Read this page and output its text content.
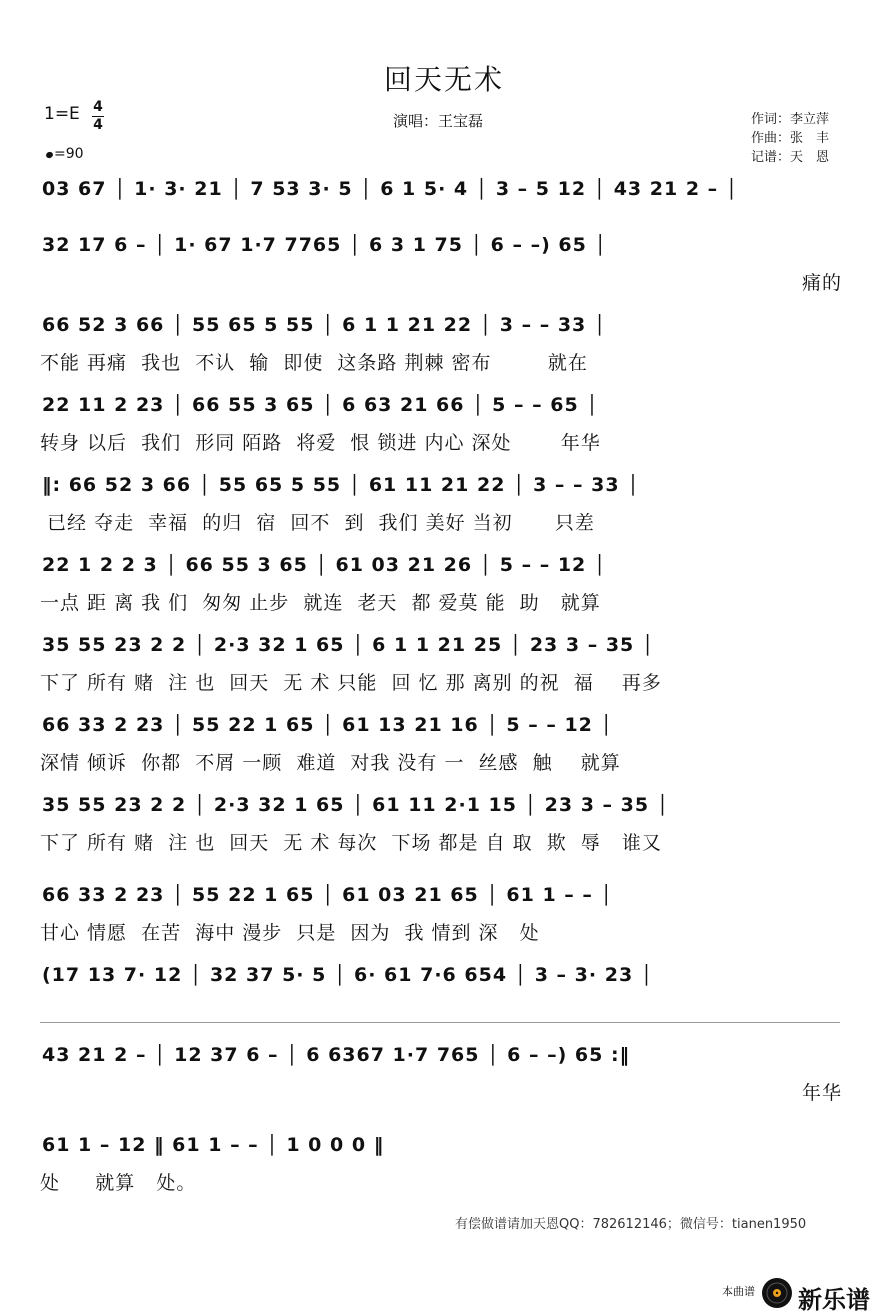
回天无术
1=E 4
4
=90
演唱：王宝磊	作词：李立萍
作曲：张　丰
记谱：天　恩
03 67 │ 1· 3· 21 │ 7 53 3· 5 │ 6 1 5· 4 │ 3 – 5 12 │ 43 21 2 – │
32 17 6 – │ 1· 67 1·7 7765 │ 6 3 1 75 │ 6 – –) 65 │
痛的
66 52 3 66 │ 55 65 5 55 │ 6 1 1 21 22 │ 3 – – 33 │
不能 再痛  我也  不认  输  即使  这条路 荆棘 密布        就在
22 11 2 23 │ 66 55 3 65 │ 6 63 21 66 │ 5 – – 65 │
转身 以后  我们  形同 陌路  将爱  恨 锁进 内心 深处       年华
‖: 66 52 3 66 │ 55 65 5 55 │ 61 11 21 22 │ 3 – – 33 │
已经 夺走  幸福  的归  宿  回不  到  我们 美好 当初      只差
22 1 2 2 3 │ 66 55 3 65 │ 61 03 21 26 │ 5 – – 12 │
一点 距 离 我 们  匆匆 止步  就连  老天  都 爱莫 能  助   就算
35 55 23 2 2 │ 2·3 32 1 65 │ 6 1 1 21 25 │ 23 3 – 35 │
下了 所有 赌  注 也  回天  无 术 只能  回 忆 那 离别 的祝  福    再多
66 33 2 23 │ 55 22 1 65 │ 61 13 21 16 │ 5 – – 12 │
深情 倾诉  你都  不屑 一顾  难道  对我 没有 一  丝感  触    就算
35 55 23 2 2 │ 2·3 32 1 65 │ 61 11 2·1 15 │ 23 3 – 35 │
下了 所有 赌  注 也  回天  无 术 每次  下场 都是 自 取  欺  辱   谁又
66 33 2 23 │ 55 22 1 65 │ 61 03 21 65 │ 61 1 – – │
甘心 情愿  在苦  海中 漫步  只是  因为  我 情到 深   处
(17 13 7· 12 │ 32 37 5· 5 │ 6· 61 7·6 654 │ 3 – 3· 23 │
43 21 2 – │ 12 37 6 – │ 6 6367 1·7 765 │ 6 – –) 65 :‖
年华
61 1 – 12 ‖ 61 1 – – │ 1 0 0 0 ‖
处     就算   处。
有偿做谱请加天恩QQ：782612146；微信号：tianen1950
本曲谱 新乐谱
